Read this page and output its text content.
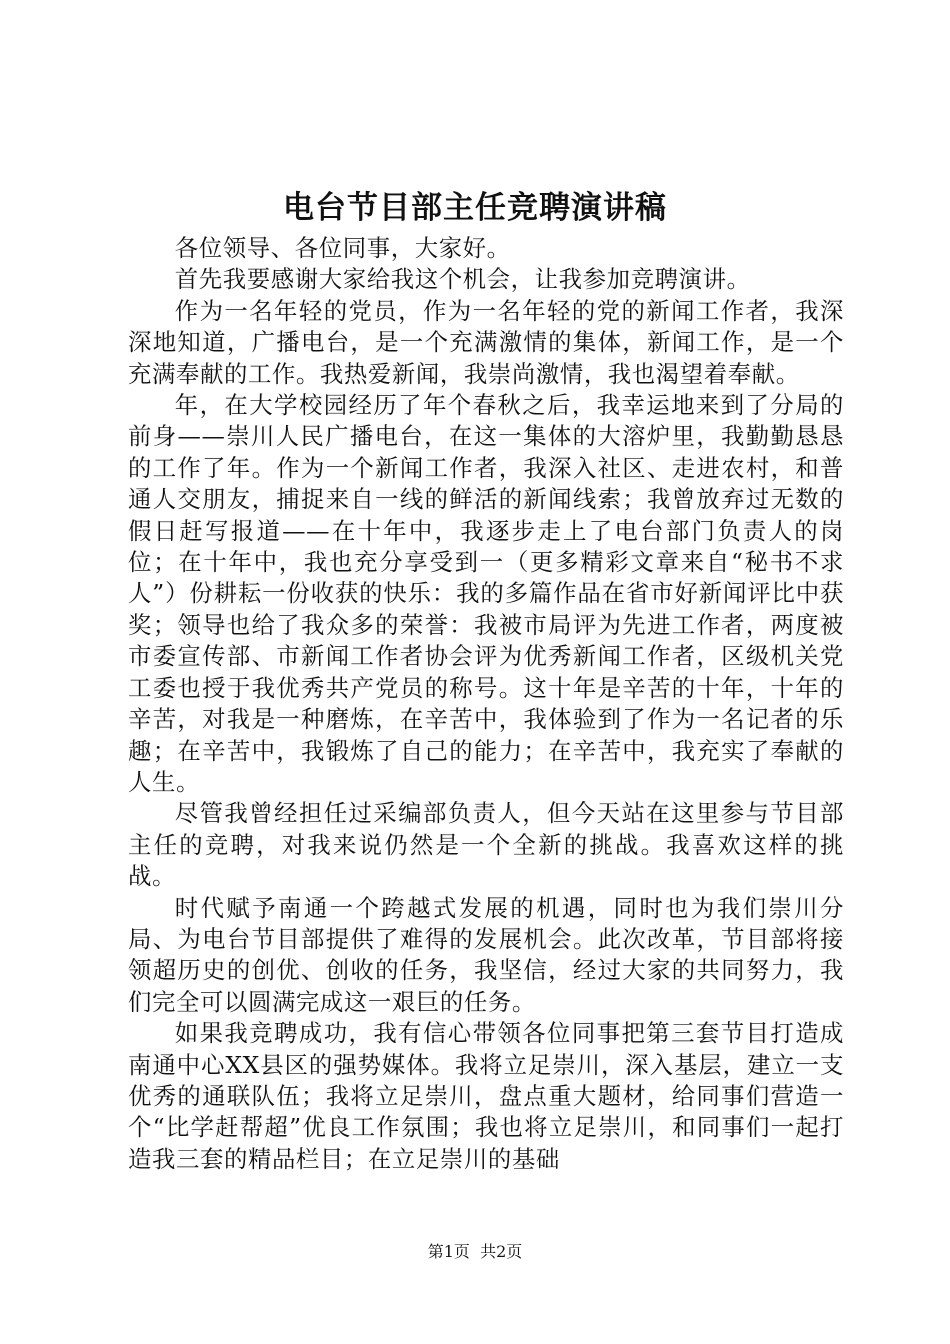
电台节目部主任竞聘演讲稿

各位领导、各位同事，大家好。

首先我要感谢大家给我这个机会，让我参加竞聘演讲。

作为一名年轻的党员，作为一名年轻的党的新闻工作者，我深深地知道，广播电台，是一个充满激情的集体，新闻工作，是一个充满奉献的工作。我热爱新闻，我崇尚激情，我也渴望着奉献。

年，在大学校园经历了年个春秋之后，我幸运地来到了分局的前身——崇川人民广播电台，在这一集体的大溶炉里，我勤勤恳恳的工作了年。作为一个新闻工作者，我深入社区、走进农村，和普通人交朋友，捕捉来自一线的鲜活的新闻线索；我曾放弃过无数的假日赶写报道——在十年中，我逐步走上了电台部门负责人的岗位；在十年中，我也充分享受到一（更多精彩文章来自“秘书不求人”）份耕耘一份收获的快乐：我的多篇作品在省市好新闻评比中获奖；领导也给了我众多的荣誉：我被市局评为先进工作者，两度被市委宣传部、市新闻工作者协会评为优秀新闻工作者，区级机关党工委也授于我优秀共产党员的称号。这十年是辛苦的十年，十年的辛苦，对我是一种磨炼，在辛苦中，我体验到了作为一名记者的乐趣；在辛苦中，我锻炼了自己的能力；在辛苦中，我充实了奉献的人生。

尽管我曾经担任过采编部负责人，但今天站在这里参与节目部主任的竞聘，对我来说仍然是一个全新的挑战。我喜欢这样的挑战。

时代赋予南通一个跨越式发展的机遇，同时也为我们崇川分局、为电台节目部提供了难得的发展机会。此次改革，节目部将接领超历史的创优、创收的任务，我坚信，经过大家的共同努力，我们完全可以圆满完成这一艰巨的任务。

如果我竞聘成功，我有信心带领各位同事把第三套节目打造成南通中心XX县区的强势媒体。我将立足崇川，深入基层，建立一支优秀的通联队伍；我将立足崇川，盘点重大题材，给同事们营造一个“比学赶帮超”优良工作氛围；我也将立足崇川，和同事们一起打造我三套的精品栏目；在立足崇川的基础

第1页 共2页
